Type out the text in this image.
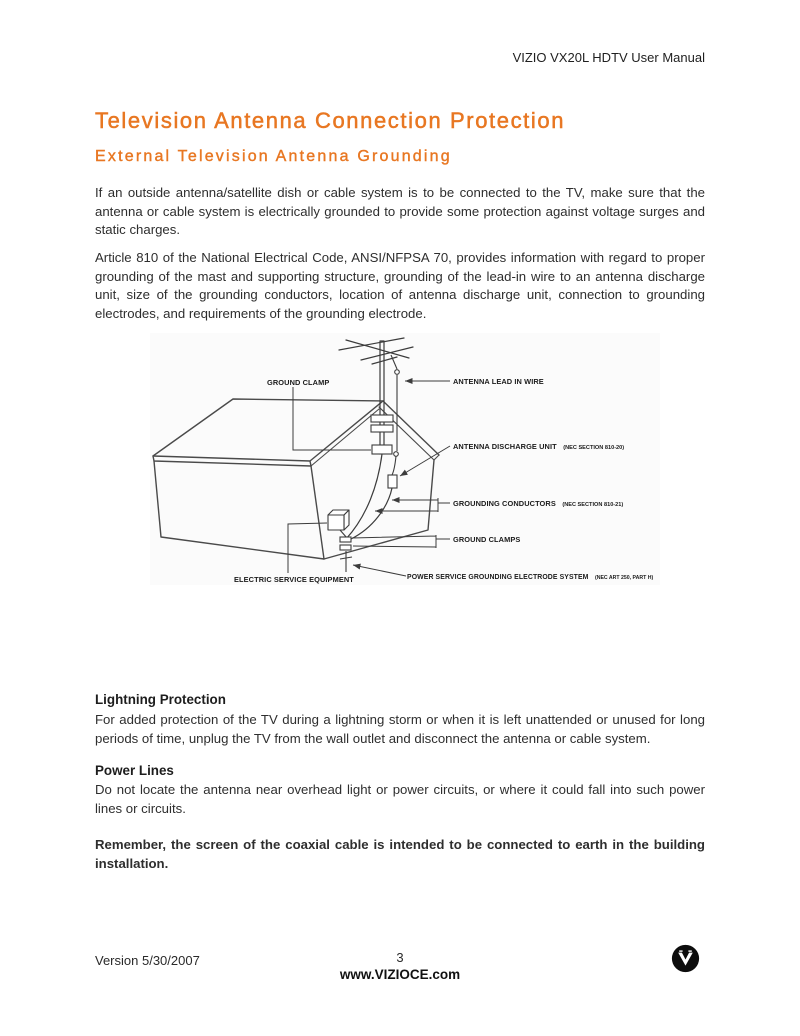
VIZIO VX20L HDTV User Manual
Television Antenna Connection Protection
External Television Antenna Grounding

If an outside antenna/satellite dish or cable system is to be connected to the TV, make sure that the antenna or cable system is electrically grounded to provide some protection against voltage surges and static charges.

Article 810 of the National Electrical Code, ANSI/NFPSA 70, provides information with regard to proper grounding of the mast and supporting structure, grounding of the lead-in wire to an antenna discharge unit, size of the grounding conductors, location of antenna discharge unit, connection to grounding electrodes, and requirements of the grounding electrode.

GROUND CLAMP	ANTENNA LEAD IN WIRE
ANTENNA DISCHARGE UNIT (NEC SECTION 810-20)
GROUNDING CONDUCTORS (NEC SECTION 810-21)
GROUND CLAMPS
POWER SERVICE GROUNDING ELECTRODE SYSTEM (NEC ART 250, PART H)
ELECTRIC SERVICE EQUIPMENT
Lightning Protection

For added protection of the TV during a lightning storm or when it is left unattended or unused for long periods of time, unplug the TV from the wall outlet and disconnect the antenna or cable system.

Power Lines

Do not locate the antenna near overhead light or power circuits, or where it could fall into such power lines or circuits.

Remember, the screen of the coaxial cable is intended to be connected to earth in the building installation.

Version 5/30/2007	3
www.VIZIOCE.com
